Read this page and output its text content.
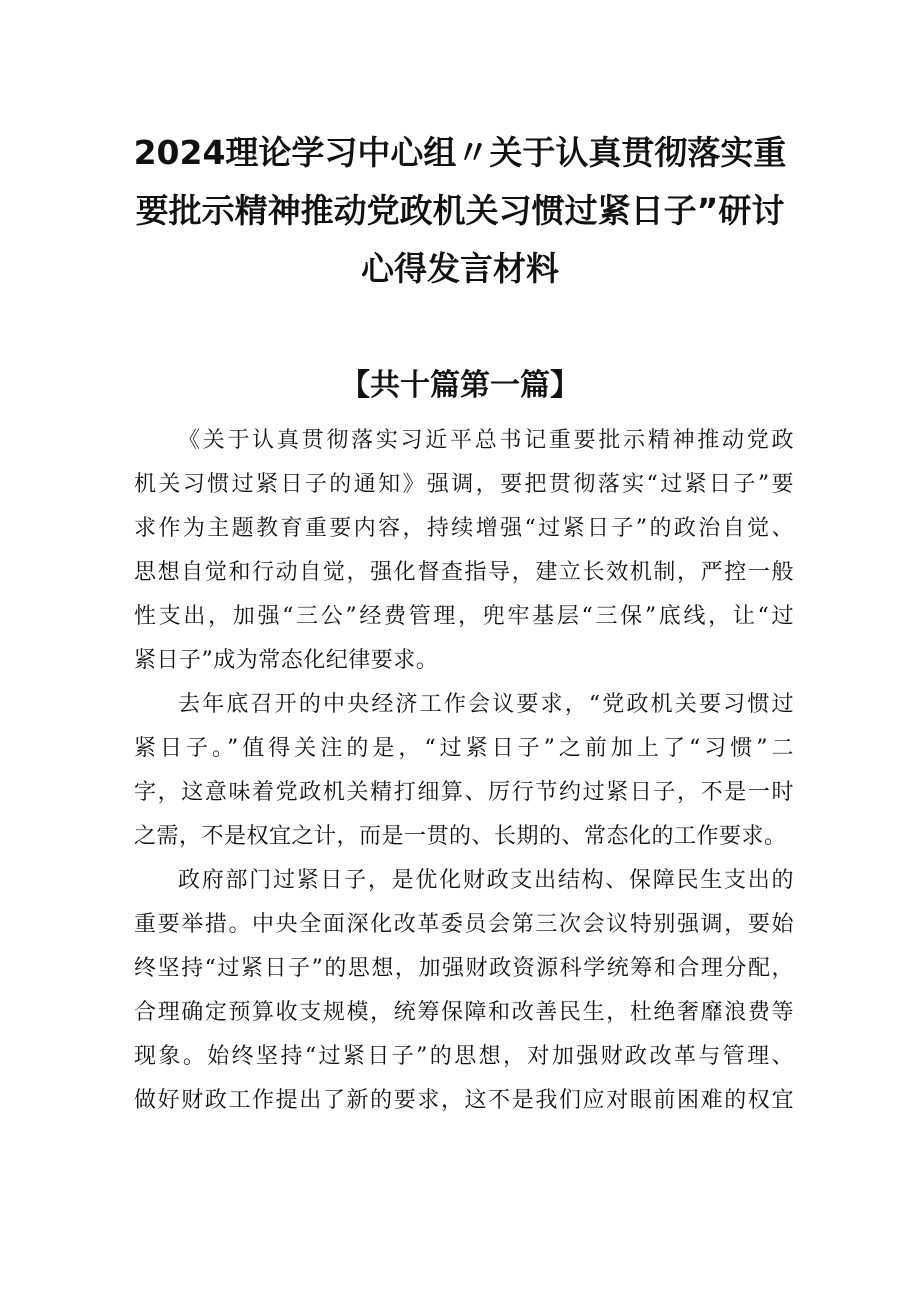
2024理论学习中心组〃关于认真贯彻落实重
要批示精神推动党政机关习惯过紧日子”研讨
心得发言材料
【共十篇第一篇】
《关于认真贯彻落实习近平总书记重要批示精神推动党政
机关习惯过紧日子的通知》强调，要把贯彻落实“过紧日子”要
求作为主题教育重要内容，持续增强“过紧日子”的政治自觉、
思想自觉和行动自觉，强化督查指导，建立长效机制，严控一般
性支出，加强“三公”经费管理，兜牢基层“三保”底线，让“过
紧日子”成为常态化纪律要求。
去年底召开的中央经济工作会议要求，“党政机关要习惯过
紧日子。”值得关注的是，“过紧日子”之前加上了“习惯”二
字，这意味着党政机关精打细算、厉行节约过紧日子，不是一时
之需，不是权宜之计，而是一贯的、长期的、常态化的工作要求。
政府部门过紧日子，是优化财政支出结构、保障民生支出的
重要举措。中央全面深化改革委员会第三次会议特别强调，要始
终坚持“过紧日子”的思想，加强财政资源科学统筹和合理分配，
合理确定预算收支规模，统筹保障和改善民生，杜绝奢靡浪费等
现象。始终坚持“过紧日子”的思想，对加强财政改革与管理、
做好财政工作提出了新的要求，这不是我们应对眼前困难的权宜
